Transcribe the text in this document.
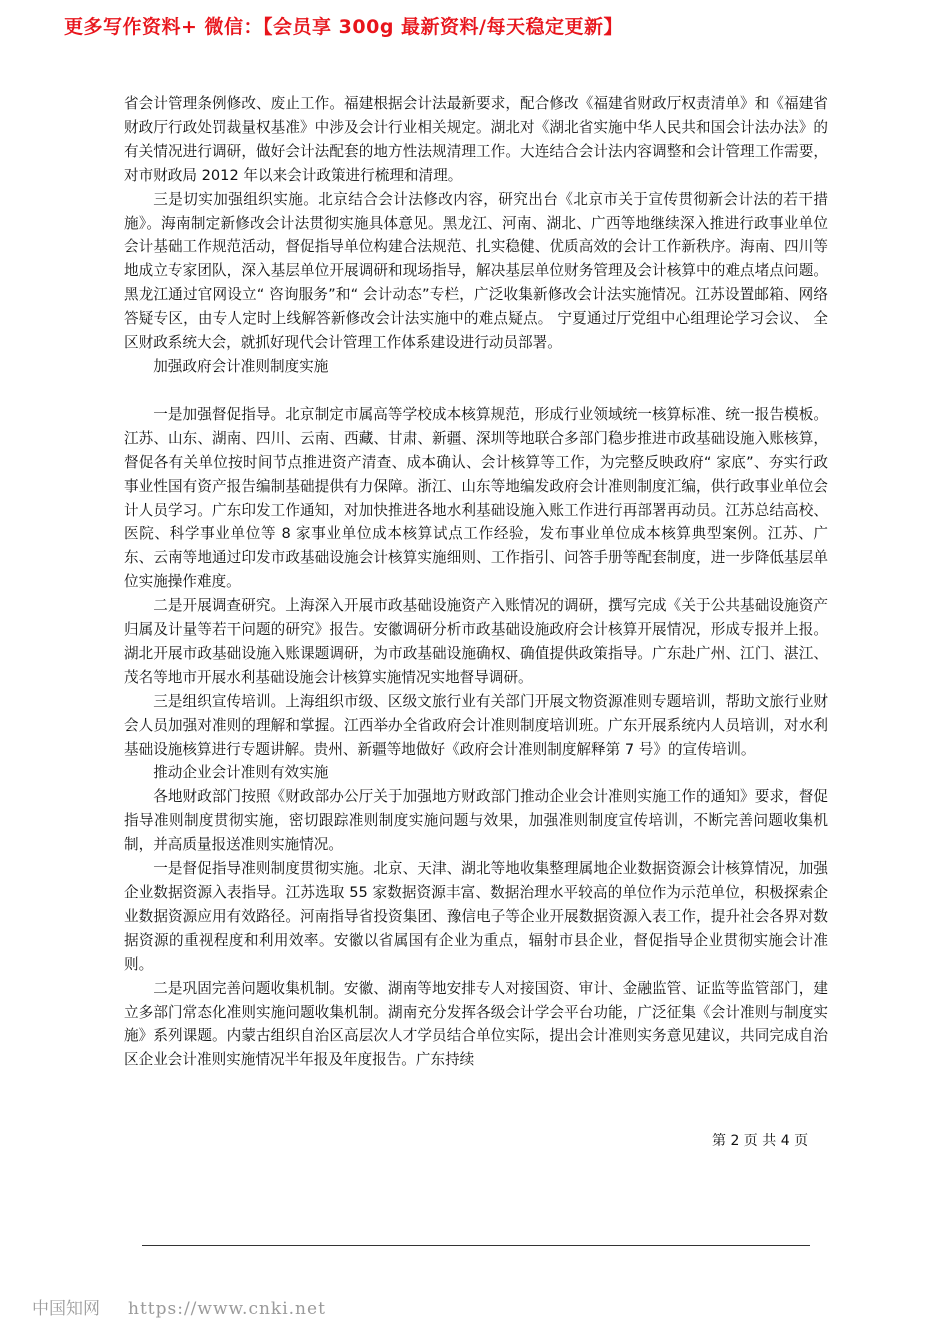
更多写作资料+ 微信：【会员享 300g 最新资料/每天稳定更新】

省会计管理条例修改、废止工作。福建根据会计法最新要求，配合修改《福建省财政厅权责清单》和《福建省财政厅行政处罚裁量权基准》中涉及会计行业相关规定。湖北对《湖北省实施中华人民共和国会计法办法》的 有关情况进行调研，做好会计法配套的地方性法规清理工作。大连结合会计法内容调整和会计管理工作需要，对市财政局 2012 年以来会计政策进行梳理和清理。

三是切实加强组织实施。北京结合会计法修改内容，研究出台《北京市关于宣传贯彻新会计法的若干措施》。海南制定新修改会计法贯彻实施具体意见。黑龙江、河南、湖北、广西等地继续深入推进行政事业单位会计基础工作规范活动，督促指导单位构建合法规范、扎实稳健、优质高效的会计工作新秩序。海南、四川等地成立专家团队，深入基层单位开展调研和现场指导，解决基层单位财务管理及会计核算中的难点堵点问题。黑龙江通过官网设立“ 咨询服务”和“ 会计动态”专栏，广泛收集新修改会计法实施情况。江苏设置邮箱、网络答疑专区，由专人定时上线解答新修改会计法实施中的难点疑点。 宁夏通过厅党组中心组理论学习会议、 全区财政系统大会，就抓好现代会计管理工作体系建设进行动员部署。

加强政府会计准则制度实施

一是加强督促指导。北京制定市属高等学校成本核算规范，形成行业领域统一核算标准、统一报告模板。江苏、山东、湖南、四川、云南、西藏、甘肃、新疆、深圳等地联合多部门稳步推进市政基础设施入账核算，督促各有关单位按时间节点推进资产清查、成本确认、会计核算等工作，为完整反映政府“ 家底”、夯实行政事业性国有资产报告编制基础提供有力保障。浙江、山东等地编发政府会计准则制度汇编，供行政事业单位会计人员学习。广东印发工作通知，对加快推进各地水利基础设施入账工作进行再部署再动员。江苏总结高校、医院、科学事业单位等 8 家事业单位成本核算试点工作经验，发布事业单位成本核算典型案例。江苏、广东、云南等地通过印发市政基础设施会计核算实施细则、工作指引、问答手册等配套制度，进一步降低基层单位实施操作难度。

二是开展调查研究。上海深入开展市政基础设施资产入账情况的调研，撰写完成《关于公共基础设施资产归属及计量等若干问题的研究》报告。安徽调研分析市政基础设施政府会计核算开展情况，形成专报并上报。湖北开展市政基础设施入账课题调研，为市政基础设施确权、确值提供政策指导。广东赴广州、江门、湛江、茂名等地市开展水利基础设施会计核算实施情况实地督导调研。

三是组织宣传培训。上海组织市级、区级文旅行业有关部门开展文物资源准则专题培训，帮助文旅行业财会人员加强对准则的理解和掌握。江西举办全省政府会计准则制度培训班。广东开展系统内人员培训，对水利基础设施核算进行专题讲解。贵州、新疆等地做好《政府会计准则制度解释第 7 号》的宣传培训。

推动企业会计准则有效实施

各地财政部门按照《财政部办公厅关于加强地方财政部门推动企业会计准则实施工作的通知》要求，督促指导准则制度贯彻实施，密切跟踪准则制度实施问题与效果，加强准则制度宣传培训，不断完善问题收集机制，并高质量报送准则实施情况。

一是督促指导准则制度贯彻实施。北京、天津、湖北等地收集整理属地企业数据资源会计核算情况，加强企业数据资源入表指导。江苏选取 55 家数据资源丰富、数据治理水平较高的单位作为示范单位，积极探索企业数据资源应用有效路径。河南指导省投资集团、豫信电子等企业开展数据资源入表工作，提升社会各界对数据资源的重视程度和利用效率。安徽以省属国有企业为重点，辐射市县企业，督促指导企业贯彻实施会计准则。

二是巩固完善问题收集机制。安徽、湖南等地安排专人对接国资、审计、金融监管、证监等监管部门，建立多部门常态化准则实施问题收集机制。湖南充分发挥各级会计学会平台功能，广泛征集《会计准则与制度实施》系列课题。内蒙古组织自治区高层次人才学员结合单位实际，提出会计准则实务意见建议，共同完成自治区企业会计准则实施情况半年报及年度报告。广东持续

第 2 页 共 4 页
中国知网 https://www.cnki.net
